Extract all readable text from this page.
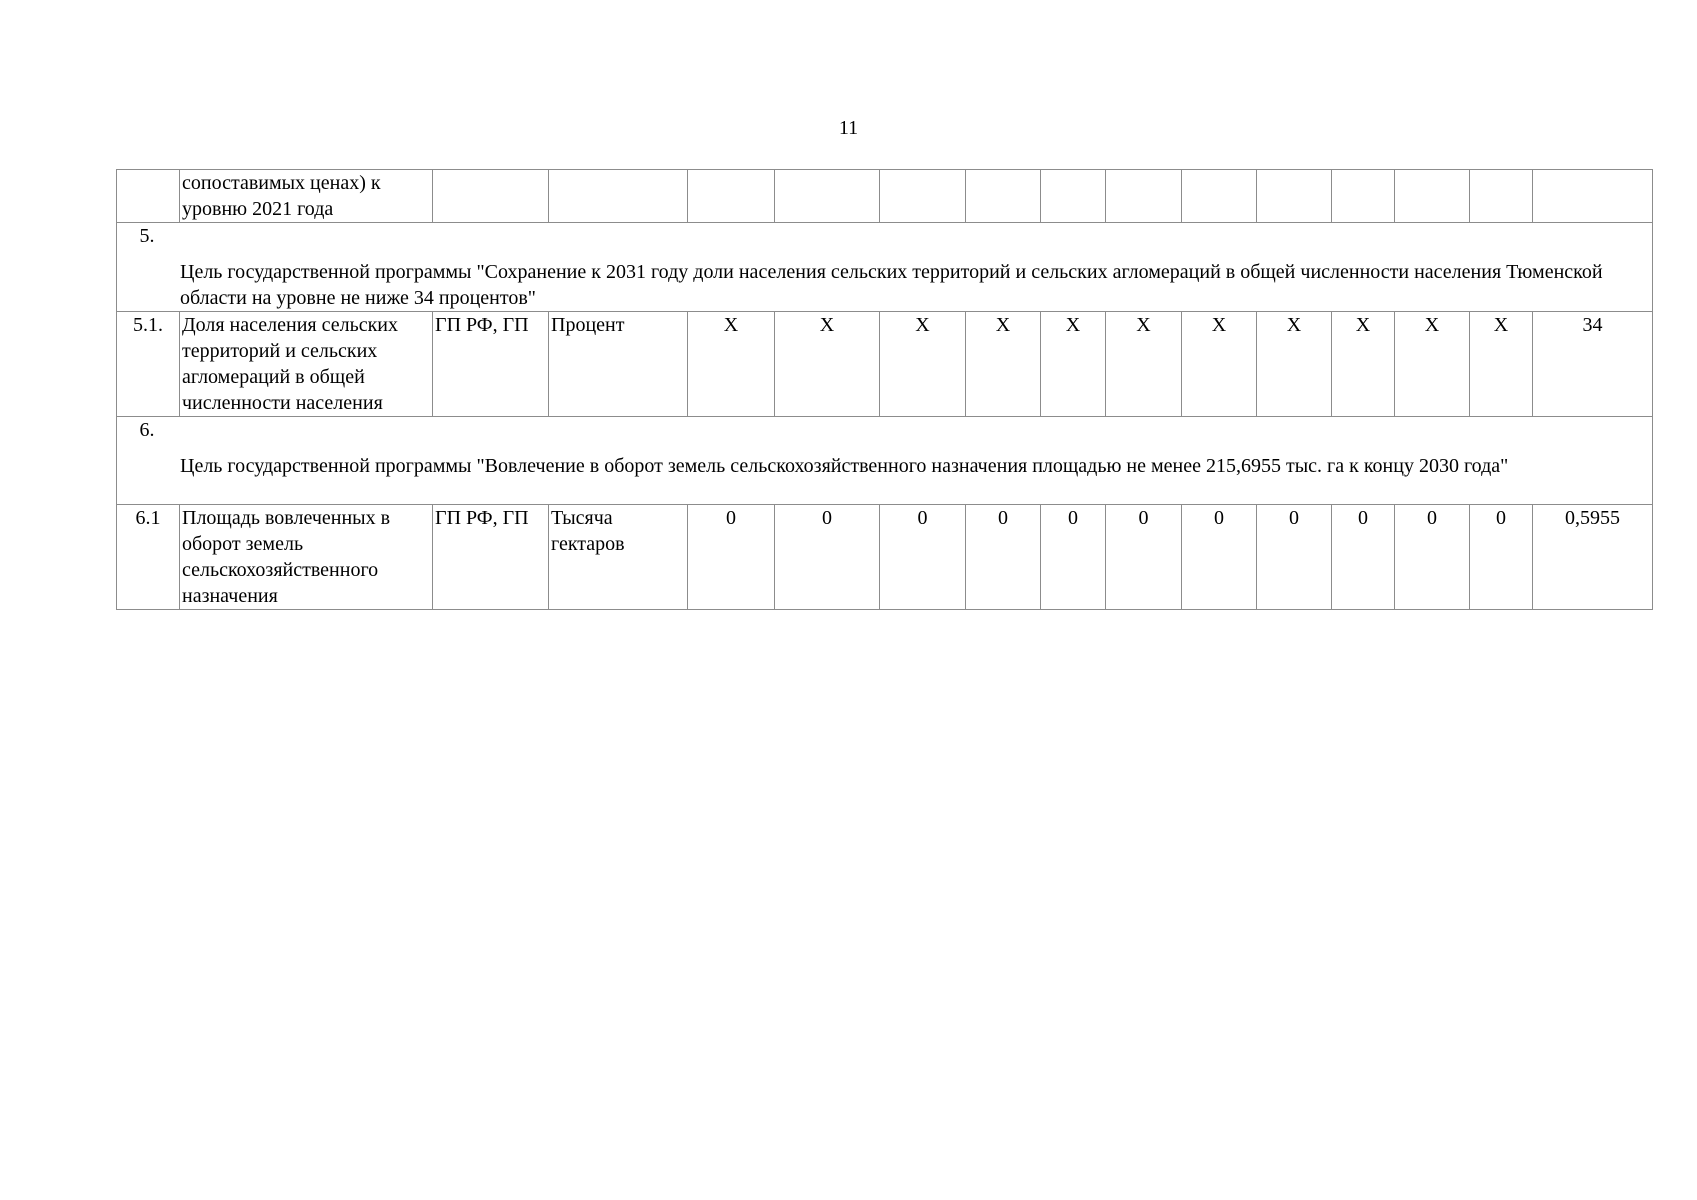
11
	сопоставимых ценах) к уровню 2021 года														

5.
Цель государственной программы "Сохранение к 2031 году доли населения сельских территорий и сельских агломераций в общей численности населения Тюменской области на уровне не ниже 34 процентов"															

5.1.	Доля населения сельских территорий и сельских агломераций в общей численности населения	ГП РФ, ГП	Процент	X	X	X	X	X	X	X	X	X	X	X	34

6.
Цель государственной программы "Вовлечение в оборот земель сельскохозяйственного назначения площадью не менее 215,6955 тыс. га к концу 2030 года"															

6.1	Площадь вовлеченных в оборот земель сельскохозяйственного назначения	ГП РФ, ГП	Тысяча гектаров	0	0	0	0	0	0	0	0	0	0	0	0,5955
